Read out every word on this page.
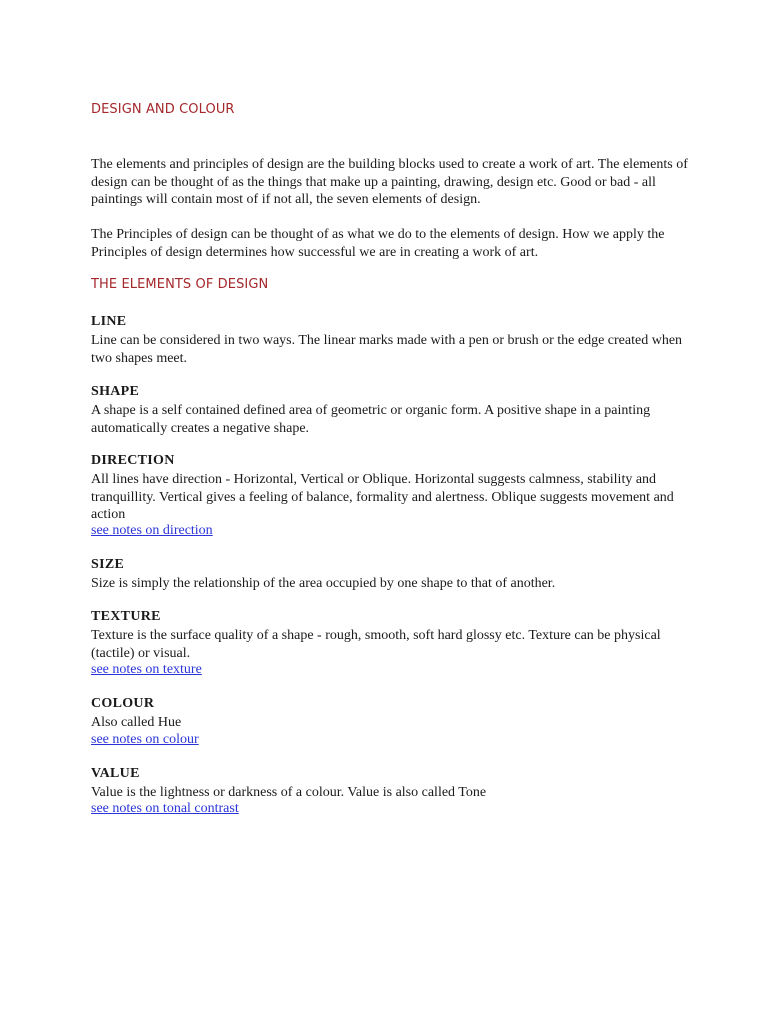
DESIGN AND COLOUR

The elements and principles of design are the building blocks used to create a work of art. The elements of design can be thought of as the things that make up a painting, drawing, design etc. Good or bad - all paintings will contain most of if not all, the seven elements of design.

The Principles of design can be thought of as what we do to the elements of design. How we apply the Principles of design determines how successful we are in creating a work of art.

THE ELEMENTS OF DESIGN
LINE

Line can be considered in two ways. The linear marks made with a pen or brush or the edge created when two shapes meet.

SHAPE

A shape is a self contained defined area of geometric or organic form. A positive shape in a painting automatically creates a negative shape.

DIRECTION

All lines have direction - Horizontal, Vertical or Oblique. Horizontal suggests calmness, stability and tranquillity. Vertical gives a feeling of balance, formality and alertness. Oblique suggests movement and action

see notes on direction
SIZE

Size is simply the relationship of the area occupied by one shape to that of another.

TEXTURE

Texture is the surface quality of a shape - rough, smooth, soft hard glossy etc. Texture can be physical (tactile) or visual.

see notes on texture
COLOUR

Also called Hue

see notes on colour
VALUE

Value is the lightness or darkness of a colour. Value is also called Tone

see notes on tonal contrast
